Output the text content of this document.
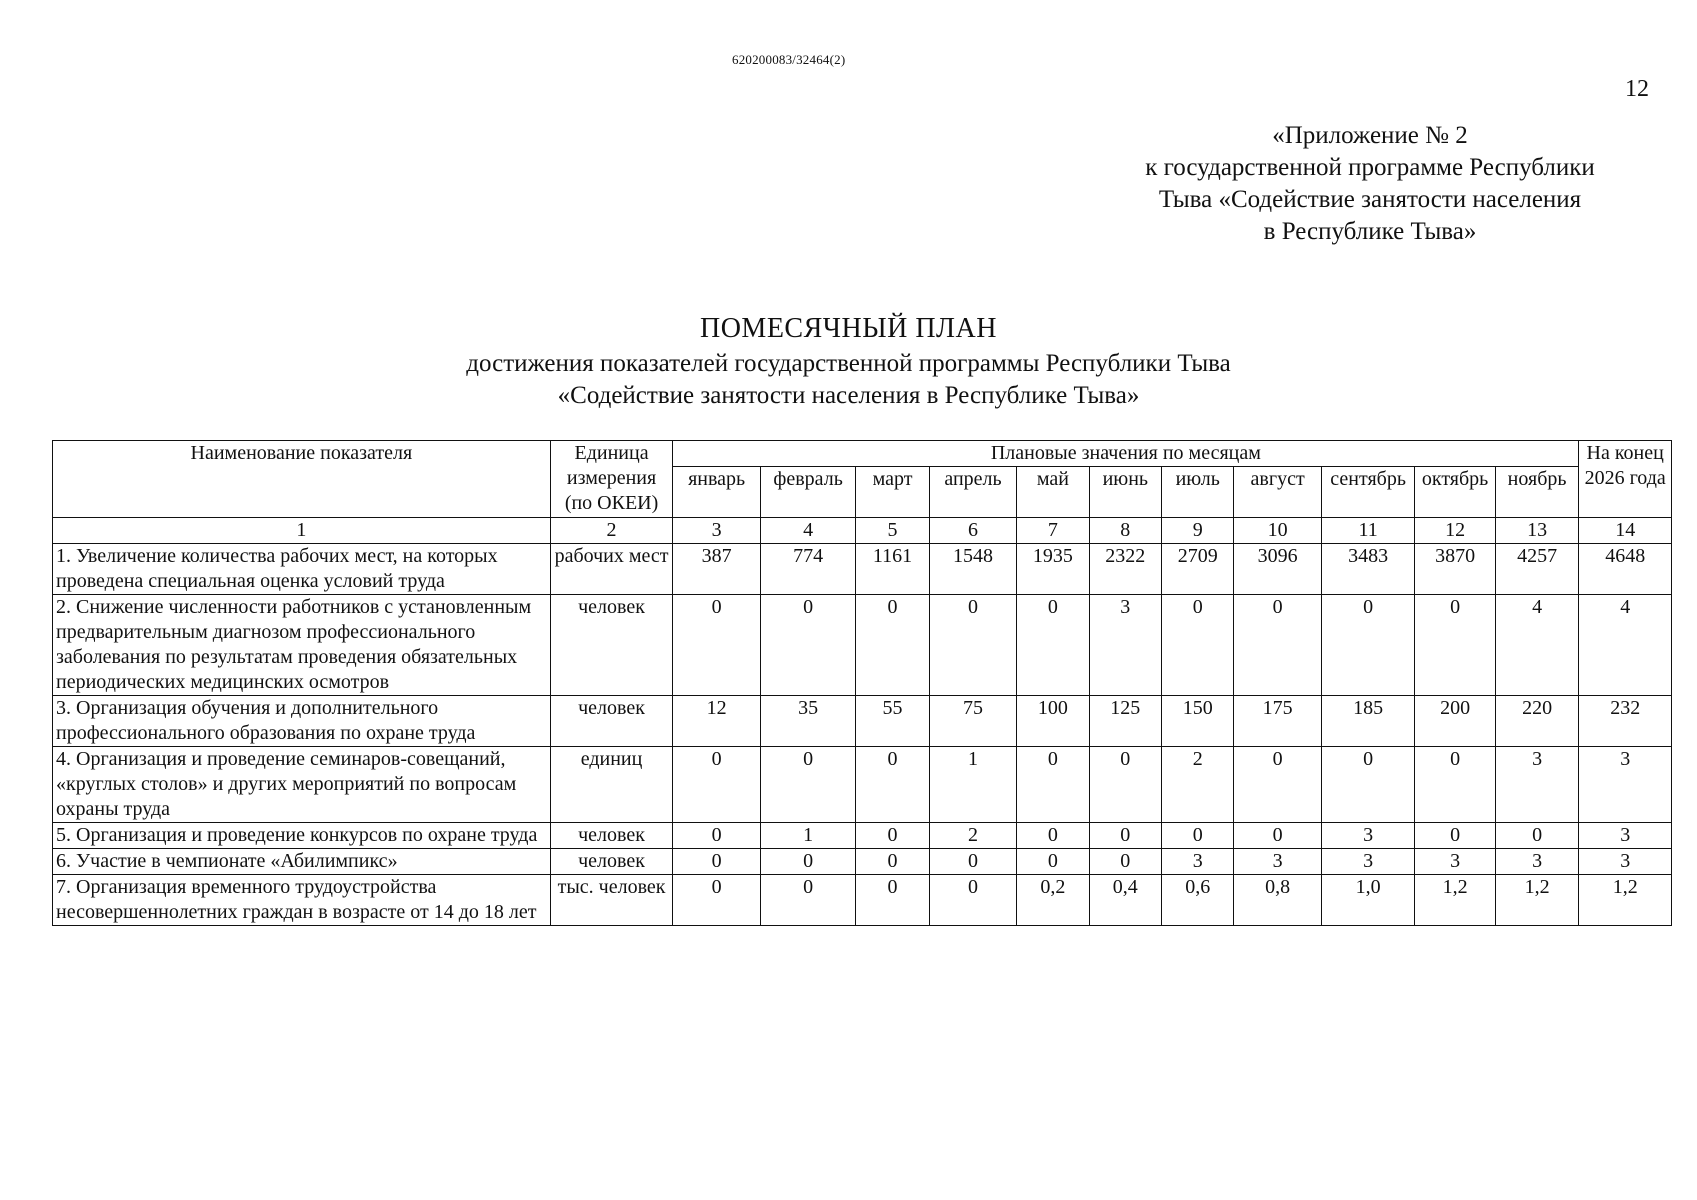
620200083/32464(2)
12
«Приложение № 2
к государственной программе Республики
Тыва «Содействие занятости населения
в Республике Тыва»
ПОМЕСЯЧНЫЙ ПЛАН
достижения показателей государственной программы Республики Тыва
«Содействие занятости населения в Республике Тыва»
Наименование показателя	Единица измерения (по ОКЕИ)	Плановые значения по месяцам											На конец 2026 года
		январь	февраль	март	апрель	май	июнь	июль	август	сентябрь	октябрь	ноябрь	
1	2	3	4	5	6	7	8	9	10	11	12	13	14
1. Увеличение количества рабочих мест, на которых проведена специальная оценка условий труда	рабочих мест	387	774	1161	1548	1935	2322	2709	3096	3483	3870	4257	4648
2. Снижение численности работников с установленным предварительным диагнозом профессионального заболевания по результатам проведения обязательных периодических медицинских осмотров	человек	0	0	0	0	0	3	0	0	0	0	4	4
3. Организация обучения и дополнительного профессионального образования по охране труда	человек	12	35	55	75	100	125	150	175	185	200	220	232
4. Организация и проведение семинаров-совещаний, «круглых столов» и других мероприятий по вопросам охраны труда	единиц	0	0	0	1	0	0	2	0	0	0	3	3
5. Организация и проведение конкурсов по охране труда	человек	0	1	0	2	0	0	0	0	3	0	0	3
6. Участие в чемпионате «Абилимпикс»	человек	0	0	0	0	0	0	3	3	3	3	3	3
7. Организация временного трудоустройства несовершеннолетних граждан в возрасте от 14 до 18 лет	тыс. человек	0	0	0	0	0,2	0,4	0,6	0,8	1,0	1,2	1,2	1,2
